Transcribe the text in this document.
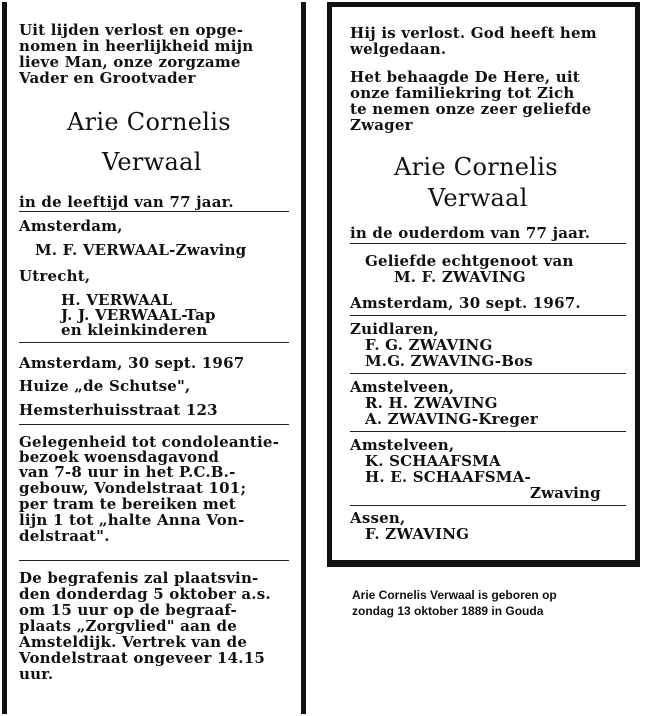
Uit lijden verlost en opge-
nomen in heerlijkheid mijn
lieve Man, onze zorgzame
Vader en Grootvader
Arie Cornelis
Verwaal
in de leeftijd van 77 jaar.
Amsterdam,
M. F. VERWAAL-Zwaving
Utrecht,
H. VERWAAL
J. J. VERWAAL-Tap
en kleinkinderen
Amsterdam, 30 sept. 1967
Huize „de Schutse",
Hemsterhuisstraat 123
Gelegenheid tot condoleantie-
bezoek woensdagavond
van 7-8 uur in het P.C.B.-
gebouw, Vondelstraat 101;
per tram te bereiken met
lijn 1 tot „halte Anna Von-
delstraat".
De begrafenis zal plaatsvin-
den donderdag 5 oktober a.s.
om 15 uur op de begraaf-
plaats „Zorgvlied" aan de
Amsteldijk. Vertrek van de
Vondelstraat ongeveer 14.15
uur.
Hij is verlost. God heeft hem
welgedaan.
Het behaagde De Here, uit
onze familiekring tot Zich
te nemen onze zeer geliefde
Zwager
Arie Cornelis
Verwaal
in de ouderdom van 77 jaar.
Geliefde echtgenoot van
M. F. ZWAVING
Amsterdam, 30 sept. 1967.
Zuidlaren,
F. G. ZWAVING
M.G. ZWAVING-Bos
Amstelveen,
R. H. ZWAVING
A. ZWAVING-Kreger
Amstelveen,
K. SCHAAFSMA
H. E. SCHAAFSMA-
Zwaving
Assen,
F. ZWAVING
Arie Cornelis Verwaal is geboren op
zondag 13 oktober 1889 in Gouda
